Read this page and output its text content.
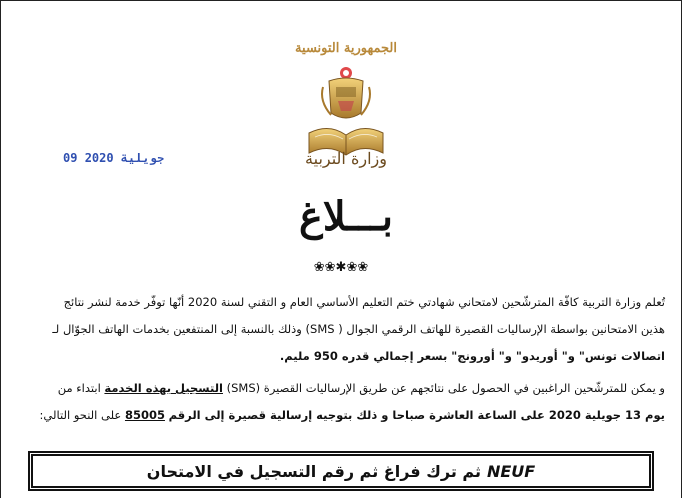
الجمهورية التونسية
وزارة التربية
09 جويلية 2020
بـــلاغ
❀❀✱❀❀
تُعلم وزارة التربية كافّة المترشّحين لامتحاني شهادتي ختم التعليم الأساسي العام و التقني لسنة 2020 أنّها توفّر خدمة لنشر نتائج
هذين الامتحانين بواسطة الإرساليات القصيرة للهاتف الرقمي الجوال ( SMS) وذلك بالنسبة إلى المنتفعين بخدمات الهاتف الجوّال لـ
اتصالات تونس" و" أوريدو" و" أورونج" بسعر إجمالي قدره 950 مليم.
و يمكن للمترشّحين الراغبين في الحصول على نتائجهم عن طريق الإرساليات القصيرة (SMS) التسجيل بهذه الخدمة ابتداء من
يوم 13 جويلية 2020 على الساعة العاشرة صباحا و ذلك بتوجيه إرسالية قصيرة إلى الرقم 85005 على النحو التالي:
NEUF
ثم ترك فراغ ثم رقم التسجيل في الامتحان
